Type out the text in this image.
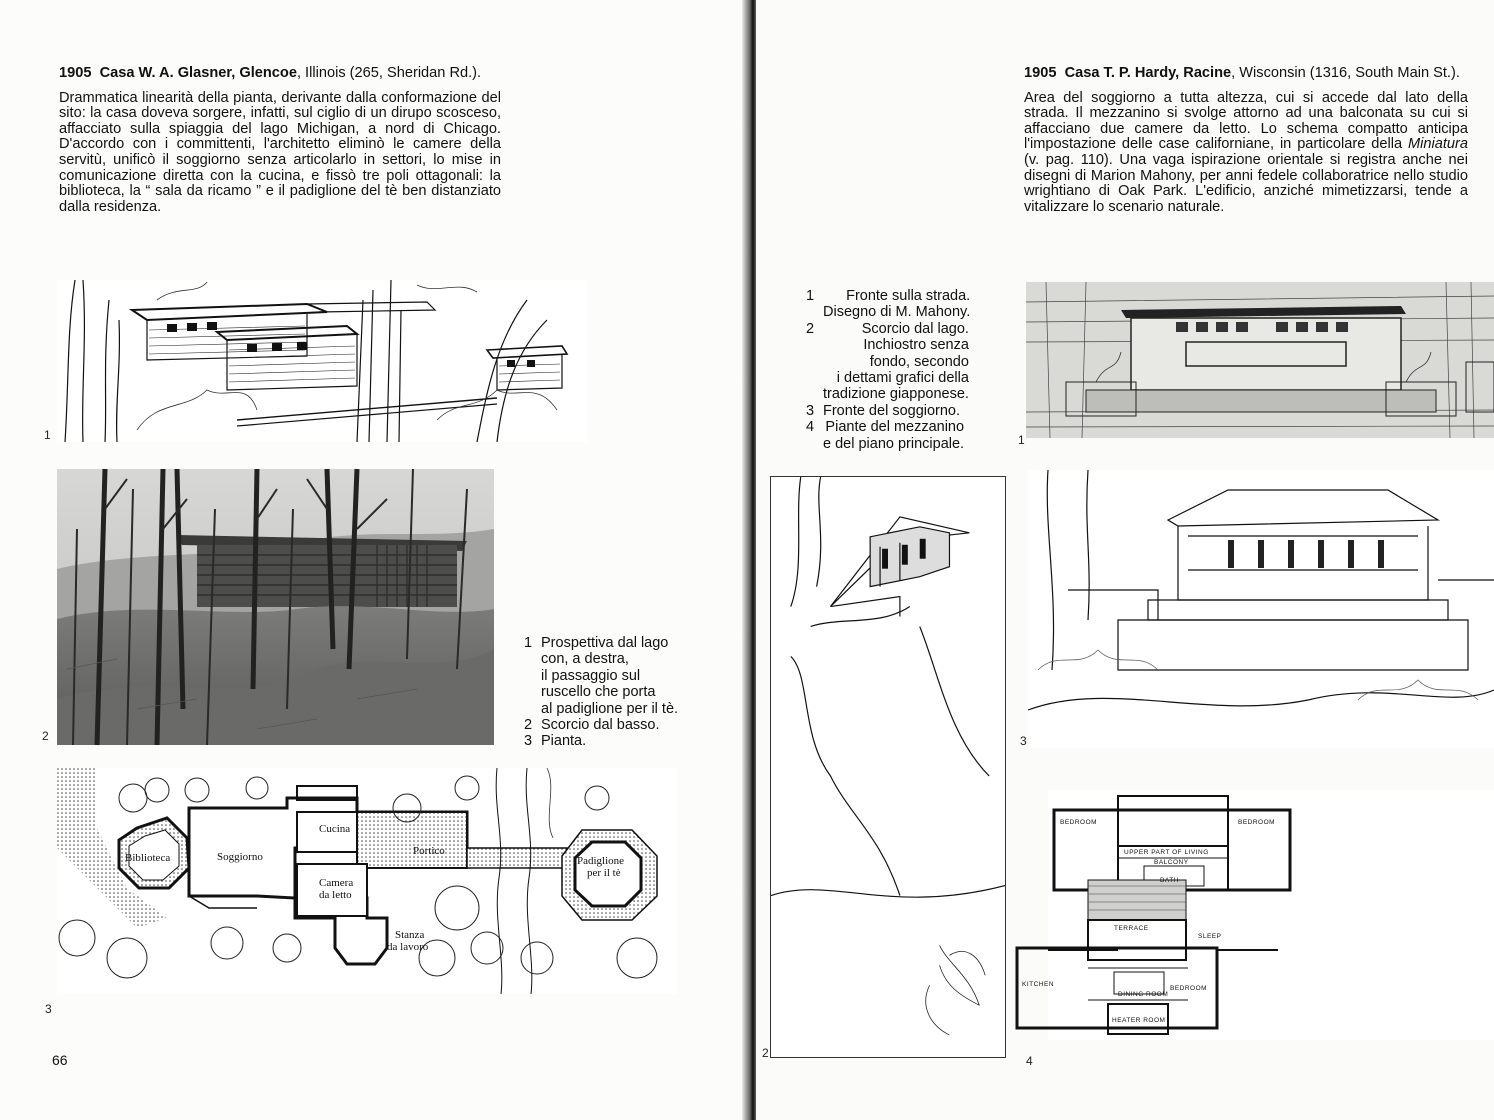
1905 Casa W. A. Glasner, Glencoe, Illinois (265, Sheridan Rd.).

Drammatica linearità della pianta, derivante dalla conformazione del sito: la casa doveva sorgere, infatti, sul ciglio di un dirupo scosceso, affacciato sulla spiaggia del lago Michigan, a nord di Chicago. D'accordo con i committenti, l'architetto eliminò le camere della servitù, unificò il soggiorno senza articolarlo in settori, lo mise in comunicazione diretta con la cucina, e fissò tre poli ottagonali: la biblioteca, la “ sala da ricamo ” e il padiglione del tè ben distanziato dalla residenza.

1
2
1 Prospettiva dal lago
con, a destra,
il passaggio sul
ruscello che porta
al padiglione per il tè.
2 Scorcio dal basso.
3 Pianta.
Biblioteca	Soggiorno
Cucina
Portico
Camera
da letto
Padiglione
per il tè
Stanza
da lavoro
3
66
1905 Casa T. P. Hardy, Racine, Wisconsin (1316, South Main St.).

Area del soggiorno a tutta altezza, cui si accede dal lato della strada. Il mezzanino si svolge attorno ad una balconata su cui si affacciano due camere da letto. Lo schema compatto anticipa l'impostazione delle case californiane, in particolare della Miniatura (v. pag. 110). Una vaga ispirazione orientale si registra anche nei disegni di Marion Mahony, per anni fedele collaboratrice nello studio wrightiano di Oak Park. L'edificio, anziché mimetizzarsi, tende a vitalizzare lo scenario naturale.

1	Fronte sulla strada.
Disegno di M. Mahony.
2	Scorcio dal lago.
Inchiostro senza
fondo, secondo
i dettami grafici della
tradizione giapponese.
3 Fronte del soggiorno.
4 Piante del mezzanino
e del piano principale.	1
2
3
BEDROOM	BEDROOM
UPPER PART OF LIVING
BALCONY
BATH
TERRACE
SLEEP
DINING ROOM
BEDROOM
KITCHEN
HEATER ROOM
4
